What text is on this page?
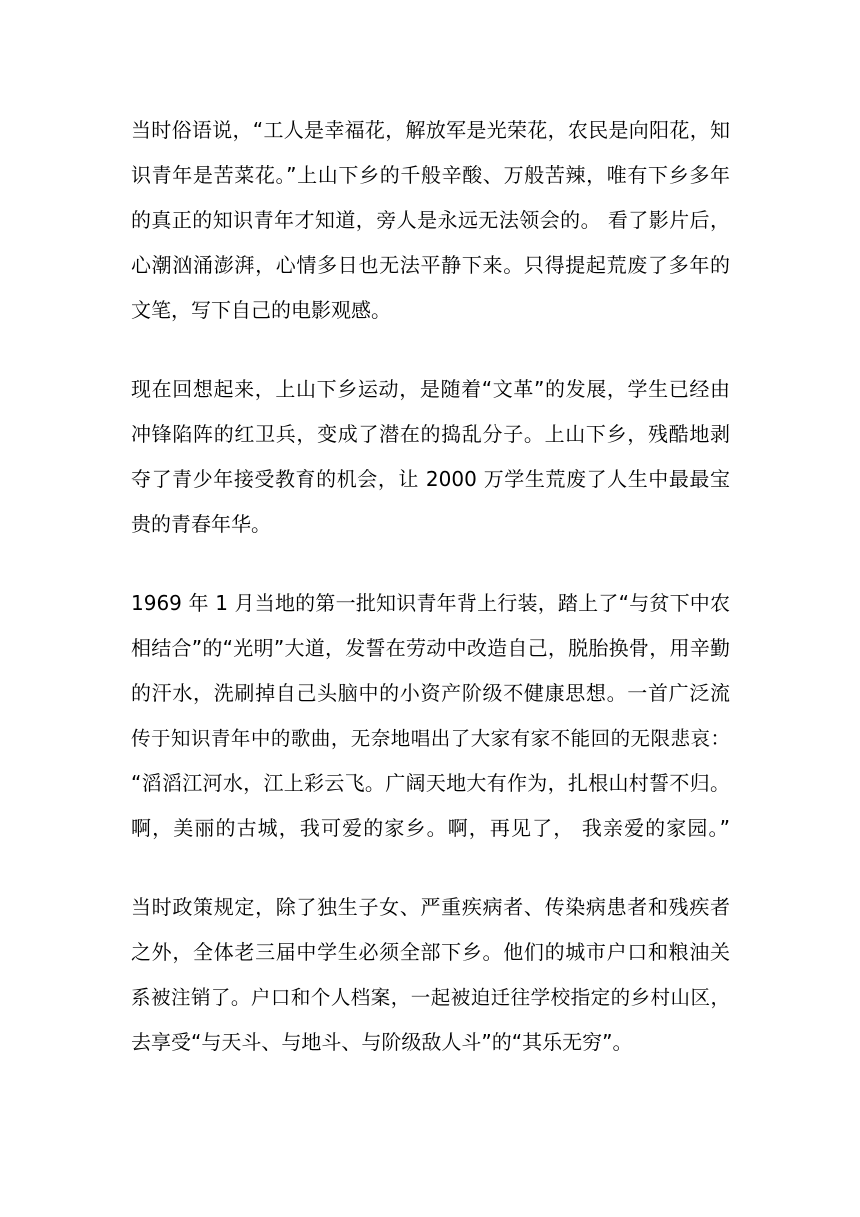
当时俗语说，“工人是幸福花，解放军是光荣花，农民是向阳花，知
识青年是苦菜花。”上山下乡的千般辛酸、万般苦辣，唯有下乡多年
的真正的知识青年才知道，旁人是永远无法领会的。 看了影片后，
心潮汹涌澎湃，心情多日也无法平静下来。只得提起荒废了多年的
文笔，写下自己的电影观感。

现在回想起来，上山下乡运动，是随着“文革”的发展，学生已经由
冲锋陷阵的红卫兵，变成了潜在的捣乱分子。上山下乡，残酷地剥
夺了青少年接受教育的机会，让 2000 万学生荒废了人生中最最宝
贵的青春年华。

1969 年 1 月当地的第一批知识青年背上行装，踏上了“与贫下中农
相结合”的“光明”大道，发誓在劳动中改造自己，脱胎换骨，用辛勤
的汗水，洗刷掉自己头脑中的小资产阶级不健康思想。一首广泛流
传于知识青年中的歌曲，无奈地唱出了大家有家不能回的无限悲哀：
“滔滔江河水，江上彩云飞。广阔天地大有作为，扎根山村誓不归。
啊，美丽的古城，我可爱的家乡。啊，再见了， 我亲爱的家园。”

当时政策规定，除了独生子女、严重疾病者、传染病患者和残疾者
之外，全体老三届中学生必须全部下乡。他们的城市户口和粮油关
系被注销了。户口和个人档案，一起被迫迁往学校指定的乡村山区，
去享受“与天斗、与地斗、与阶级敌人斗”的“其乐无穷”。
